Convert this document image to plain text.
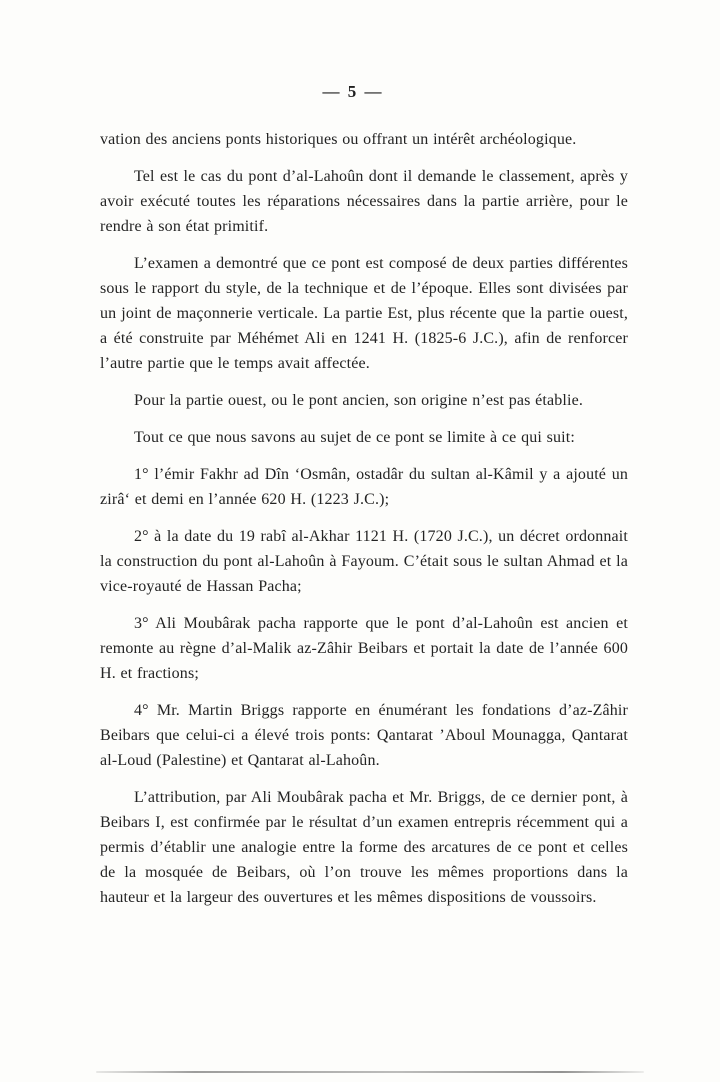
— 5 —

vation des anciens ponts historiques ou offrant un intérêt archéologique.

Tel est le cas du pont d’al-Lahoûn dont il demande le classement, après y avoir exécuté toutes les réparations nécessaires dans la partie arrière, pour le rendre à son état primitif.

L’examen a demontré que ce pont est composé de deux parties différentes sous le rapport du style, de la technique et de l’époque. Elles sont divisées par un joint de maçonnerie verticale. La partie Est, plus récente que la partie ouest, a été construite par Méhémet Ali en 1241 H. (1825-6 J.C.), afin de renforcer l’autre partie que le temps avait affectée.

Pour la partie ouest, ou le pont ancien, son origine n’est pas établie.

Tout ce que nous savons au sujet de ce pont se limite à ce qui suit:

1° l’émir Fakhr ad Dîn ‘Osmân, ostadâr du sultan al-Kâmil y a ajouté un zirâ‘ et demi en l’année 620 H. (1223 J.C.);

2° à la date du 19 rabî al-Akhar 1121 H. (1720 J.C.), un décret ordonnait la construction du pont al-Lahoûn à Fayoum. C’était sous le sultan Ahmad et la vice-royauté de Hassan Pacha;

3° Ali Moubârak pacha rapporte que le pont d’al-Lahoûn est ancien et remonte au règne d’al-Malik az-Zâhir Beibars et portait la date de l’année 600 H. et fractions;

4° Mr. Martin Briggs rapporte en énumérant les fondations d’az-Zâhir Beibars que celui-ci a élevé trois ponts: Qantarat ’Aboul Mounagga, Qantarat al-Loud (Palestine) et Qantarat al-Lahoûn.

L’attribution, par Ali Moubârak pacha et Mr. Briggs, de ce dernier pont, à Beibars I, est confirmée par le résultat d’un examen entrepris récemment qui a permis d’établir une analogie entre la forme des arcatures de ce pont et celles de la mosquée de Beibars, où l’on trouve les mêmes proportions dans la hauteur et la largeur des ouvertures et les mêmes dispositions de voussoirs.
